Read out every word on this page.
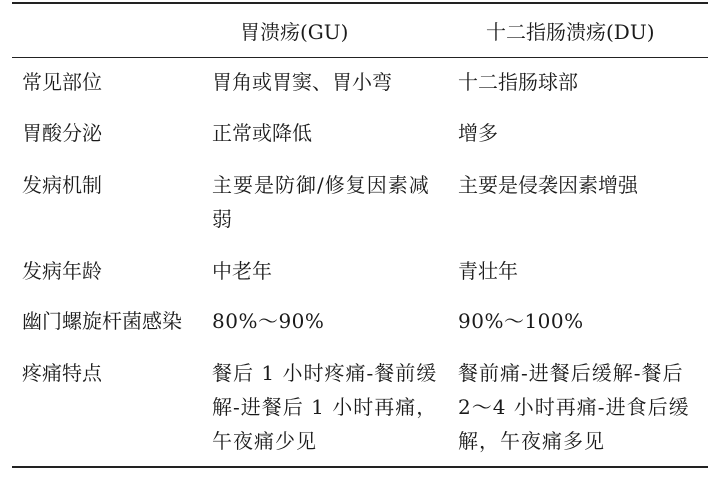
	胃溃疡(GU)	十二指肠溃疡(DU)
常见部位	胃角或胃窦、胃小弯	十二指肠球部
胃酸分泌	正常或降低	增多
发病机制	主要是防御/修复因素减弱	主要是侵袭因素增强
发病年龄	中老年	青壮年
幽门螺旋杆菌感染	80%～90%	90%～100%
疼痛特点	餐后 1 小时疼痛-餐前缓解-进餐后 1 小时再痛，午夜痛少见	餐前痛-进餐后缓解-餐后 2～4 小时再痛-进食后缓解，午夜痛多见
